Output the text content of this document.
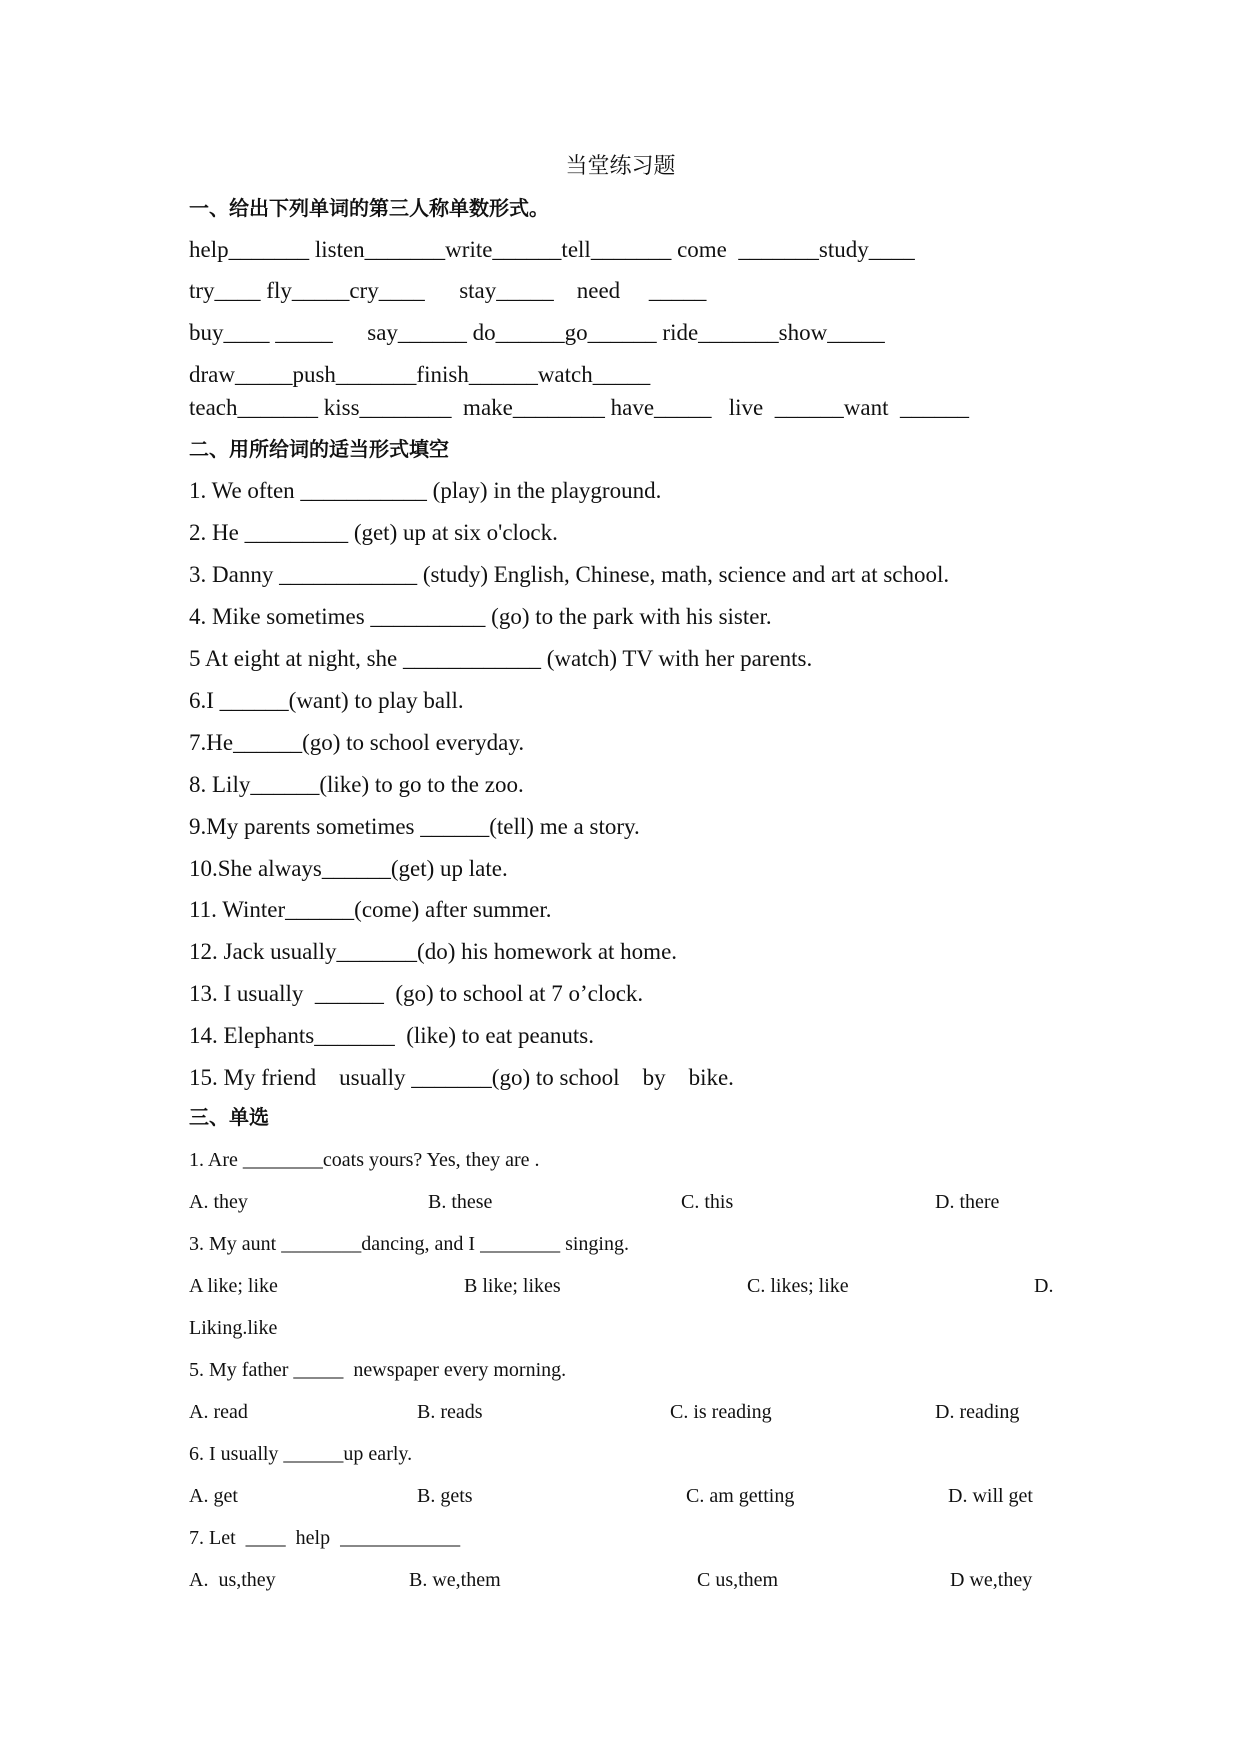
当堂练习题
一、给出下列单词的第三人称单数形式。
help_______ listen_______write______tell_______ come  _______study____
try____ fly_____cry____      stay_____    need     _____
buy____ _____      say______ do______go______ ride_______show_____
draw_____push_______finish______watch_____
teach_______ kiss________  make________ have_____   live  ______want  ______
二、用所给词的适当形式填空
1. We often ___________ (play) in the playground.
2. He _________ (get) up at six o'clock.
3. Danny ____________ (study) English, Chinese, math, science and art at school.
4. Mike sometimes __________ (go) to the park with his sister.
5 At eight at night, she ____________ (watch) TV with her parents.
6.I ______(want) to play ball.
7.He______(go) to school everyday.
8. Lily______(like) to go to the zoo.
9.My parents sometimes ______(tell) me a story.
10.She always______(get) up late.
11. Winter______(come) after summer.
12. Jack usually_______(do) his homework at home.
13. I usually  ______  (go) to school at 7 o’clock.
14. Elephants_______  (like) to eat peanuts.
15. My friend    usually _______(go) to school    by    bike.
三、单选
1. Are ________coats yours? Yes, they are .
A. they	B. these	C. this	D. there
3. My aunt ________dancing, and I ________ singing.
A like; like	B like; likes	C. likes; like	D.
Liking.like
5. My father _____  newspaper every morning.
A. read	B. reads	C. is reading	D. reading
6. I usually ______up early.
A. get	B. gets	C. am getting	D. will get
7. Let  ____  help  ____________
A.  us,they	B. we,them	C us,them	D we,they
